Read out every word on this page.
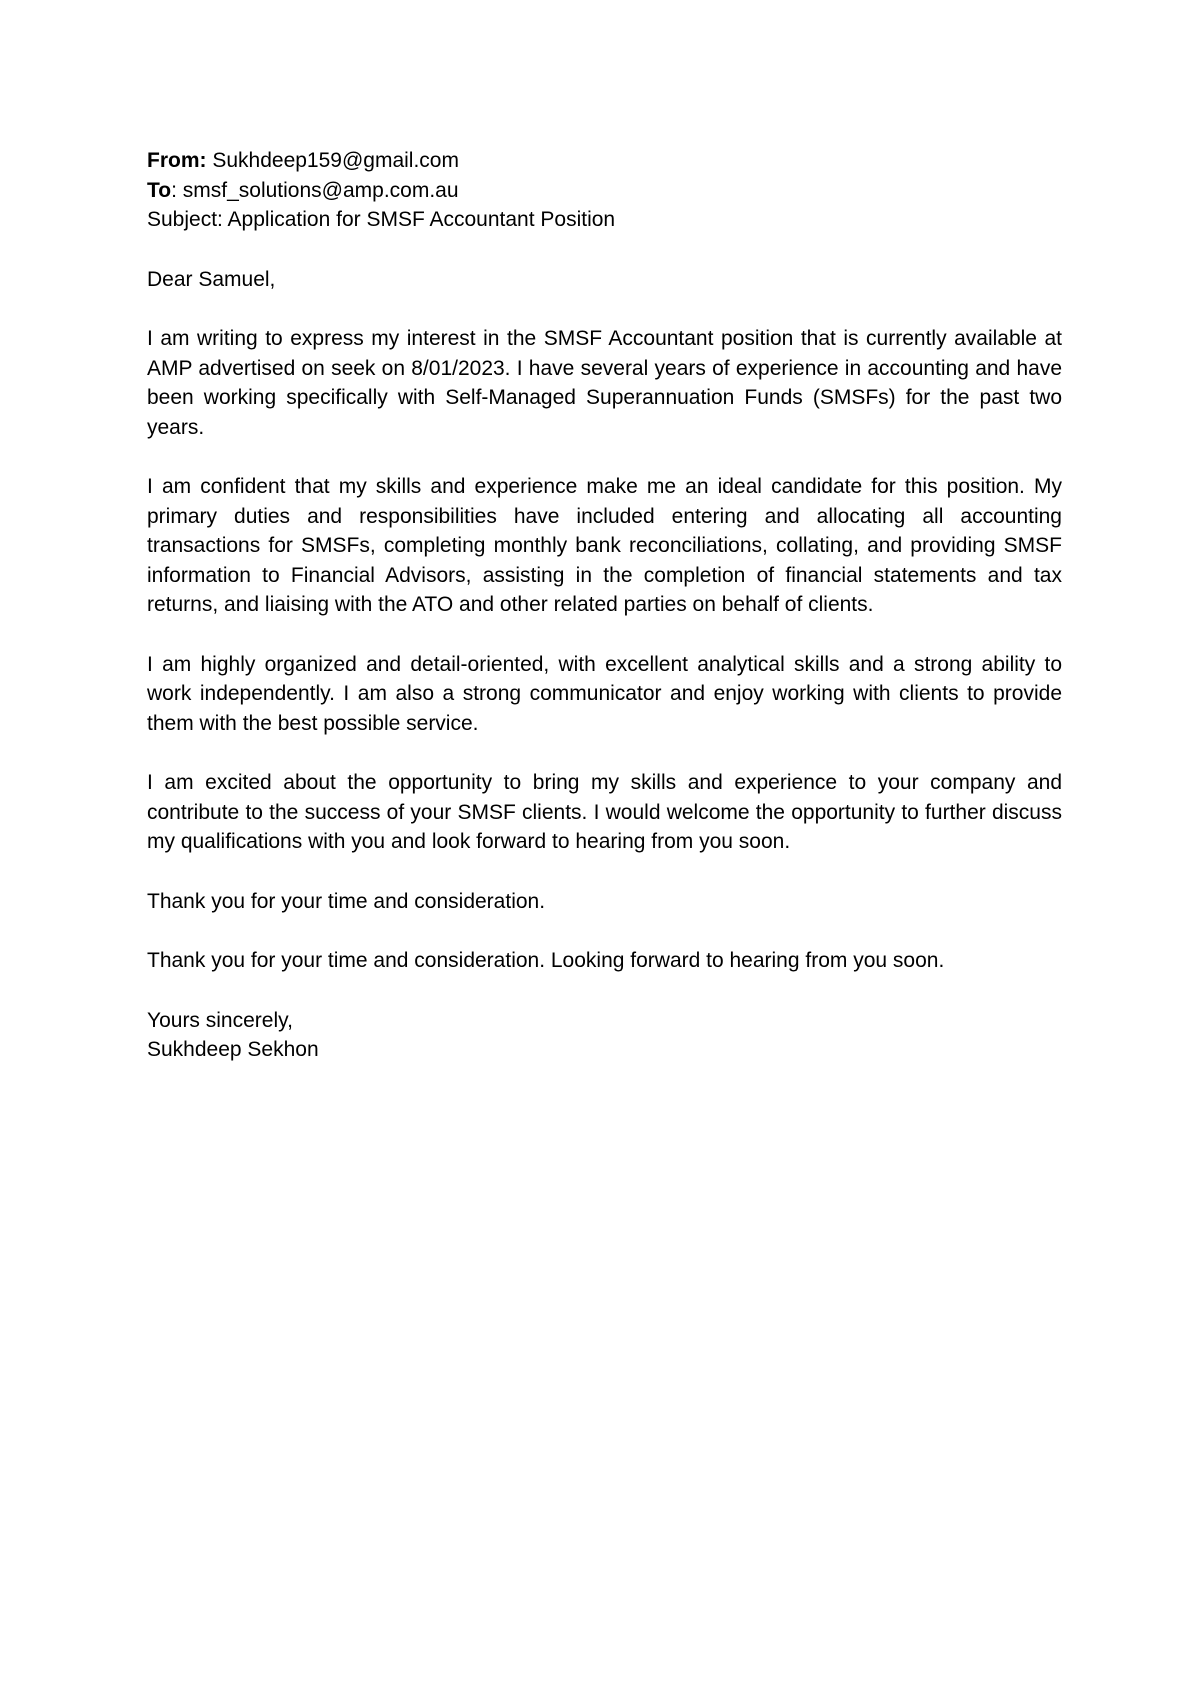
From: Sukhdeep159@gmail.com

To: smsf_solutions@amp.com.au

Subject: Application for SMSF Accountant Position

Dear Samuel,

I am writing to express my interest in the SMSF Accountant position that is currently available at AMP advertised on seek on 8/01/2023. I have several years of experience in accounting and have been working specifically with Self-Managed Superannuation Funds (SMSFs) for the past two years.

I am confident that my skills and experience make me an ideal candidate for this position. My primary duties and responsibilities have included entering and allocating all accounting transactions for SMSFs, completing monthly bank reconciliations, collating, and providing SMSF information to Financial Advisors, assisting in the completion of financial statements and tax returns, and liaising with the ATO and other related parties on behalf of clients.

I am highly organized and detail-oriented, with excellent analytical skills and a strong ability to work independently. I am also a strong communicator and enjoy working with clients to provide them with the best possible service.

I am excited about the opportunity to bring my skills and experience to your company and contribute to the success of your SMSF clients. I would welcome the opportunity to further discuss my qualifications with you and look forward to hearing from you soon.

Thank you for your time and consideration.

Thank you for your time and consideration. Looking forward to hearing from you soon.

Yours sincerely,

Sukhdeep Sekhon
